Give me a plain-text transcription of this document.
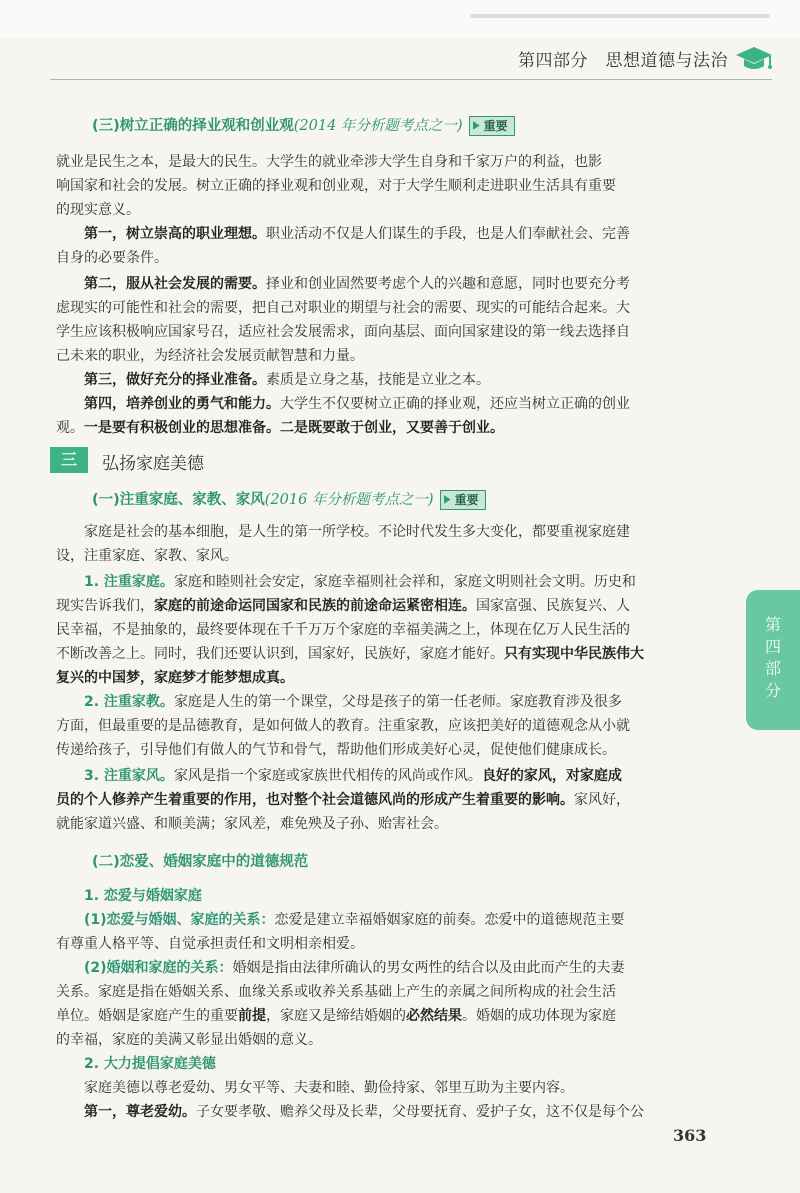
第四部分　思想道德与法治
(三)树立正确的择业观和创业观(2014 年分析题考点之一) 重要
就业是民生之本，是最大的民生。大学生的就业牵涉大学生自身和千家万户的利益，也影
响国家和社会的发展。树立正确的择业观和创业观，对于大学生顺利走进职业生活具有重要
的现实意义。
第一，树立崇高的职业理想。职业活动不仅是人们谋生的手段，也是人们奉献社会、完善
自身的必要条件。
第二，服从社会发展的需要。择业和创业固然要考虑个人的兴趣和意愿，同时也要充分考
虑现实的可能性和社会的需要，把自己对职业的期望与社会的需要、现实的可能结合起来。大
学生应该积极响应国家号召，适应社会发展需求，面向基层、面向国家建设的第一线去选择自
己未来的职业，为经济社会发展贡献智慧和力量。
第三，做好充分的择业准备。素质是立身之基，技能是立业之本。
第四，培养创业的勇气和能力。大学生不仅要树立正确的择业观，还应当树立正确的创业
观。一是要有积极创业的思想准备。二是既要敢于创业，又要善于创业。
三	弘扬家庭美德
(一)注重家庭、家教、家风(2016 年分析题考点之一) 重要
家庭是社会的基本细胞，是人生的第一所学校。不论时代发生多大变化，都要重视家庭建
设，注重家庭、家教、家风。
1. 注重家庭。家庭和睦则社会安定，家庭幸福则社会祥和，家庭文明则社会文明。历史和
现实告诉我们，家庭的前途命运同国家和民族的前途命运紧密相连。国家富强、民族复兴、人
民幸福，不是抽象的，最终要体现在千千万万个家庭的幸福美满之上，体现在亿万人民生活的
不断改善之上。同时，我们还要认识到，国家好，民族好，家庭才能好。只有实现中华民族伟大
复兴的中国梦，家庭梦才能梦想成真。
2. 注重家教。家庭是人生的第一个课堂，父母是孩子的第一任老师。家庭教育涉及很多
方面，但最重要的是品德教育，是如何做人的教育。注重家教，应该把美好的道德观念从小就
传递给孩子，引导他们有做人的气节和骨气，帮助他们形成美好心灵，促使他们健康成长。
3. 注重家风。家风是指一个家庭或家族世代相传的风尚或作风。良好的家风，对家庭成
员的个人修养产生着重要的作用，也对整个社会道德风尚的形成产生着重要的影响。家风好，
就能家道兴盛、和顺美满；家风差，难免殃及子孙、贻害社会。
(二)恋爱、婚姻家庭中的道德规范
1. 恋爱与婚姻家庭
(1)恋爱与婚姻、家庭的关系：恋爱是建立幸福婚姻家庭的前奏。恋爱中的道德规范主要
有尊重人格平等、自觉承担责任和文明相亲相爱。
(2)婚姻和家庭的关系：婚姻是指由法律所确认的男女两性的结合以及由此而产生的夫妻
关系。家庭是指在婚姻关系、血缘关系或收养关系基础上产生的亲属之间所构成的社会生活
单位。婚姻是家庭产生的重要前提，家庭又是缔结婚姻的必然结果。婚姻的成功体现为家庭
的幸福，家庭的美满又彰显出婚姻的意义。
2. 大力提倡家庭美德
家庭美德以尊老爱幼、男女平等、夫妻和睦、勤俭持家、邻里互助为主要内容。
第一，尊老爱幼。子女要孝敬、赡养父母及长辈，父母要抚育、爱护子女，这不仅是每个公
第
四
部
分
363
